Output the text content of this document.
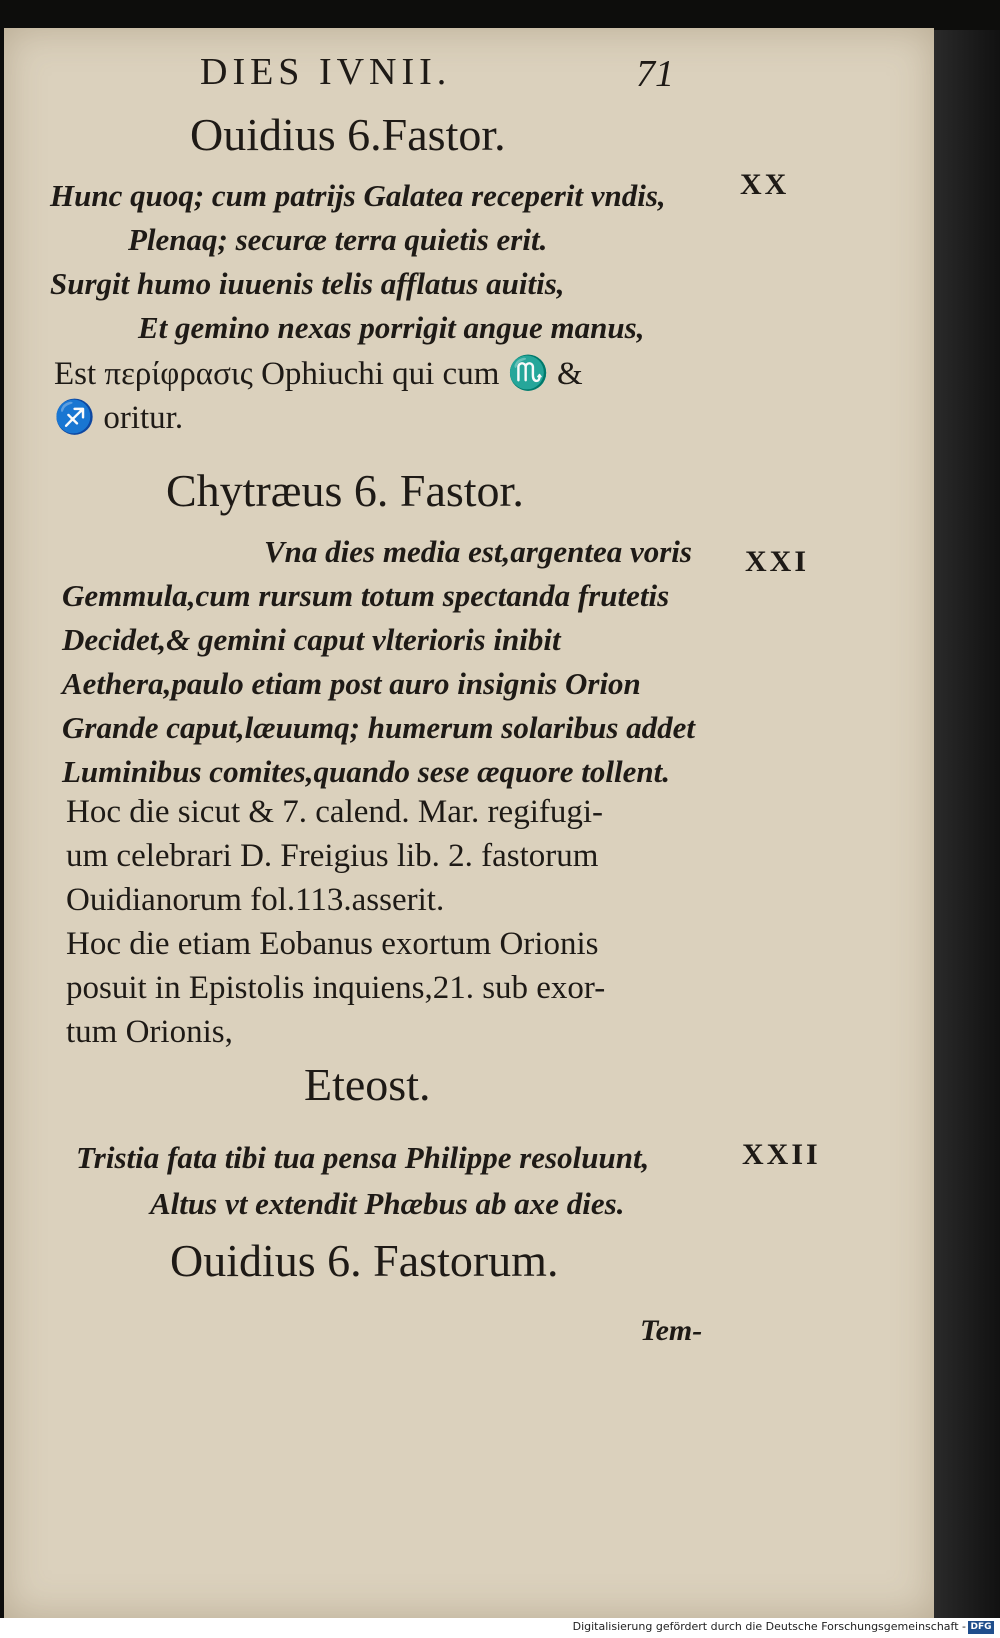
DIES IVNII.	71
Ouidius 6.Fastor.
XX
Hunc quoq; cum patrijs Galatea receperit vndis,
Plenaq; securæ terra quietis erit.
Surgit humo iuuenis telis afflatus auitis,
Et gemino nexas porrigit angue manus,
Est περίφρασις Ophiuchi qui cum ♏ &
♐ oritur.
Chytræus 6. Fastor.
XXI
Vna dies media est,argentea voris
Gemmula,cum rursum totum spectanda frutetis
Decidet,& gemini caput vlterioris inibit
Aethera,paulo etiam post auro insignis Orion
Grande caput,læuumq; humerum solaribus addet
Luminibus comites,quando sese æquore tollent.
Hoc die sicut & 7. calend. Mar. regifugi-
um celebrari D. Freigius lib. 2. fastorum
Ouidianorum fol.113.asserit.
Hoc die etiam Eobanus exortum Orionis
posuit in Epistolis inquiens,21. sub exor-
tum Orionis,
Eteost.
XXII
Tristia fata tibi tua pensa Philippe resoluunt,
Altus vt extendit Phæbus ab axe dies.
Ouidius 6. Fastorum.
Tem-
Digitalisierung gefördert durch die Deutsche Forschungsgemeinschaft - DFG
